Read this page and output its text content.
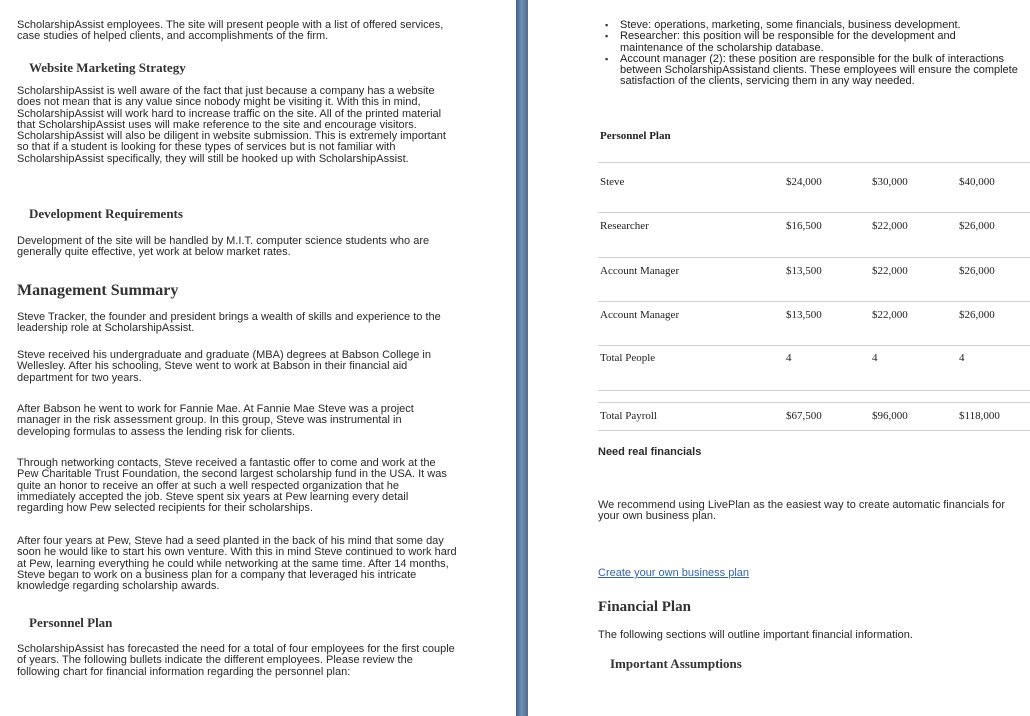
ScholarshipAssist employees. The site will present people with a list of offered services, case studies of helped clients, and accomplishments of the firm.
Website Marketing Strategy
ScholarshipAssist is well aware of the fact that just because a company has a website does not mean that is any value since nobody might be visiting it. With this in mind, ScholarshipAssist will work hard to increase traffic on the site. All of the printed material that ScholarshipAssist uses will make reference to the site and encourage visitors. ScholarshipAssist will also be diligent in website submission. This is extremely important so that if a student is looking for these types of services but is not familiar with ScholarshipAssist specifically, they will still be hooked up with ScholarshipAssist.
Development Requirements
Development of the site will be handled by M.I.T. computer science students who are generally quite effective, yet work at below market rates.
Management Summary
Steve Tracker, the founder and president brings a wealth of skills and experience to the leadership role at ScholarshipAssist.
Steve received his undergraduate and graduate (MBA) degrees at Babson College in Wellesley. After his schooling, Steve went to work at Babson in their financial aid department for two years.
After Babson he went to work for Fannie Mae. At Fannie Mae Steve was a project manager in the risk assessment group. In this group, Steve was instrumental in developing formulas to assess the lending risk for clients.
Through networking contacts, Steve received a fantastic offer to come and work at the Pew Charitable Trust Foundation, the second largest scholarship fund in the USA. It was quite an honor to receive an offer at such a well respected organization that he immediately accepted the job. Steve spent six years at Pew learning every detail regarding how Pew selected recipients for their scholarships.
After four years at Pew, Steve had a seed planted in the back of his mind that some day soon he would like to start his own venture. With this in mind Steve continued to work hard at Pew, learning everything he could while networking at the same time. After 14 months, Steve began to work on a business plan for a company that leveraged his intricate knowledge regarding scholarship awards.
Personnel Plan
ScholarshipAssist has forecasted the need for a total of four employees for the first couple of years. The following bullets indicate the different employees. Please review the following chart for financial information regarding the personnel plan:
▪ Steve: operations, marketing, some financials, business development.
▪ Researcher: this position will be responsible for the development and maintenance of the scholarship database.
▪ Account manager (2): these position are responsible for the bulk of interactions between ScholarshipAssistand clients. These employees will ensure the complete satisfaction of the clients, servicing them in any way needed.
Personnel Plan
Steve	$24,000	$30,000	$40,000
Researcher	$16,500	$22,000	$26,000
Account Manager	$13,500	$22,000	$26,000
Account Manager	$13,500	$22,000	$26,000
Total People	4	4	4
Total Payroll	$67,500	$96,000	$118,000
Need real financials
We recommend using LivePlan as the easiest way to create automatic financials for your own business plan.
Create your own business plan
Financial Plan
The following sections will outline important financial information.
Important Assumptions
